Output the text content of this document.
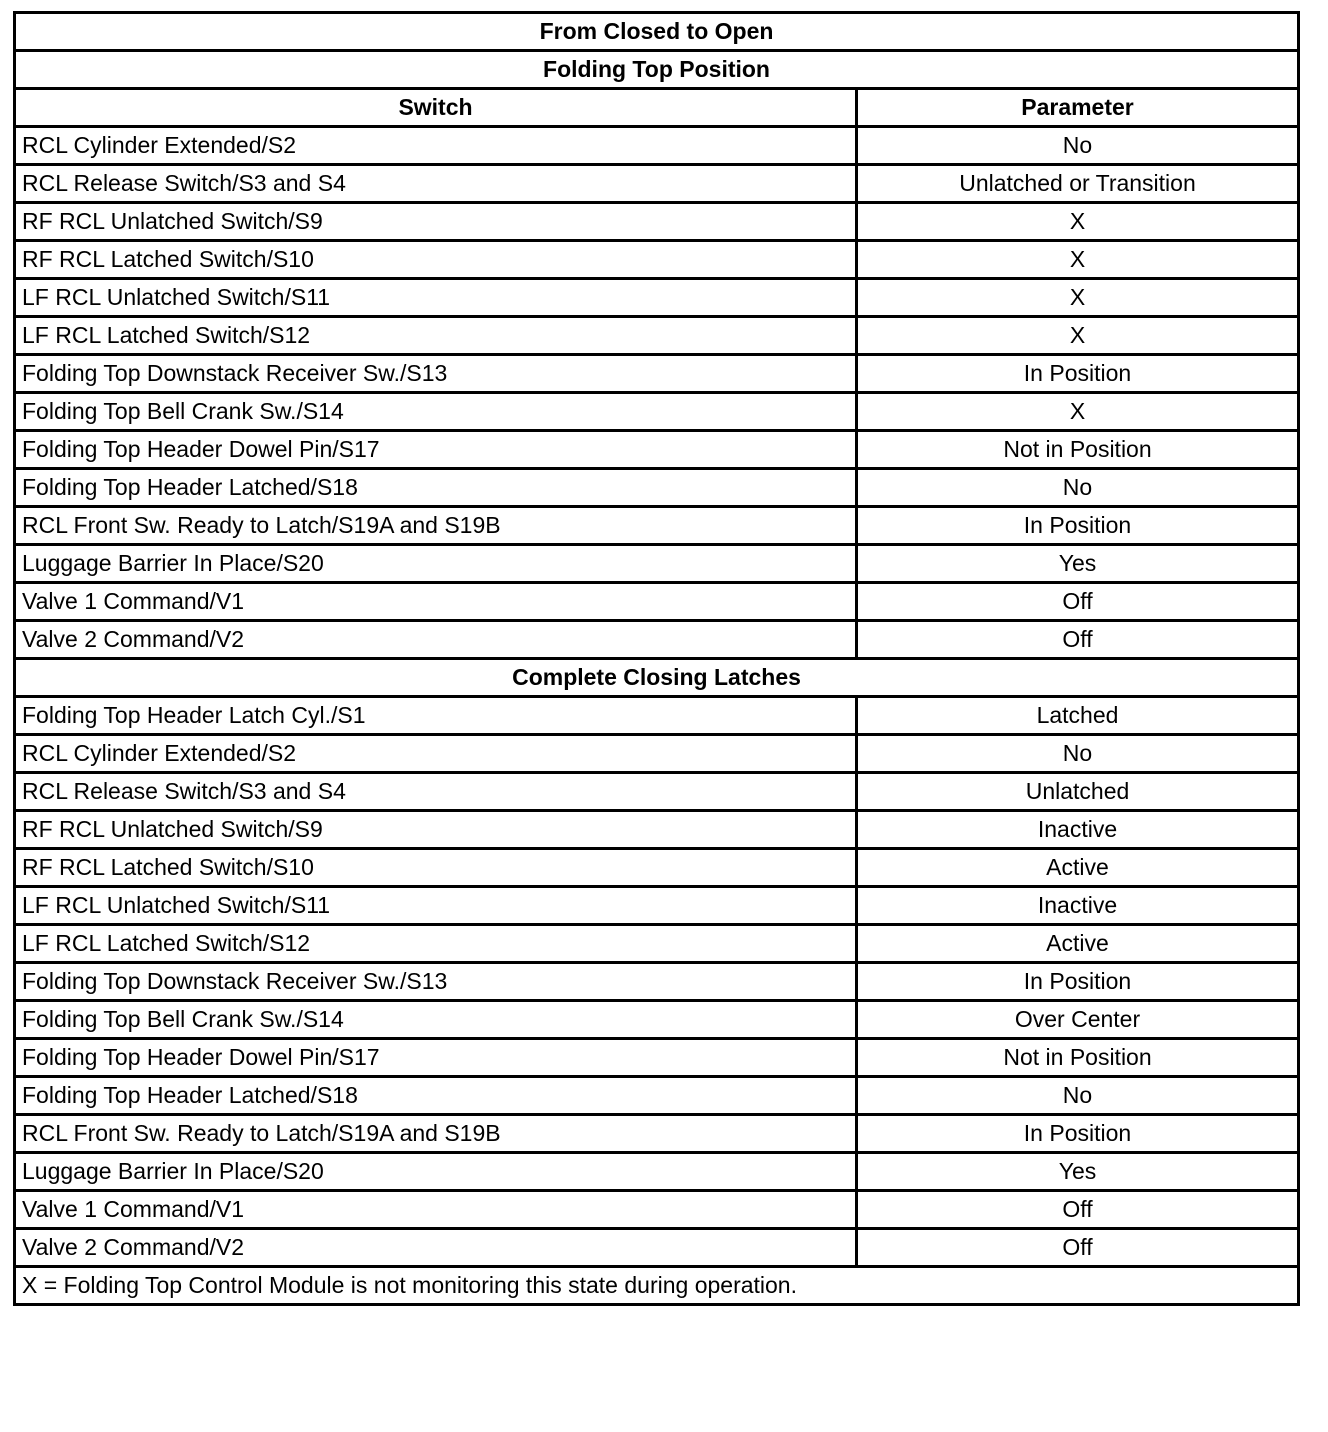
From Closed to Open	
Folding Top Position	
Switch	Parameter
RCL Cylinder Extended/S2	No
RCL Release Switch/S3 and S4	Unlatched or Transition
RF RCL Unlatched Switch/S9	X
RF RCL Latched Switch/S10	X
LF RCL Unlatched Switch/S11	X
LF RCL Latched Switch/S12	X
Folding Top Downstack Receiver Sw./S13	In Position
Folding Top Bell Crank Sw./S14	X
Folding Top Header Dowel Pin/S17	Not in Position
Folding Top Header Latched/S18	No
RCL Front Sw. Ready to Latch/S19A and S19B	In Position
Luggage Barrier In Place/S20	Yes
Valve 1 Command/V1	Off
Valve 2 Command/V2	Off
Complete Closing Latches	
Folding Top Header Latch Cyl./S1	Latched
RCL Cylinder Extended/S2	No
RCL Release Switch/S3 and S4	Unlatched
RF RCL Unlatched Switch/S9	Inactive
RF RCL Latched Switch/S10	Active
LF RCL Unlatched Switch/S11	Inactive
LF RCL Latched Switch/S12	Active
Folding Top Downstack Receiver Sw./S13	In Position
Folding Top Bell Crank Sw./S14	Over Center
Folding Top Header Dowel Pin/S17	Not in Position
Folding Top Header Latched/S18	No
RCL Front Sw. Ready to Latch/S19A and S19B	In Position
Luggage Barrier In Place/S20	Yes
Valve 1 Command/V1	Off
Valve 2 Command/V2	Off
X = Folding Top Control Module is not monitoring this state during operation.	
